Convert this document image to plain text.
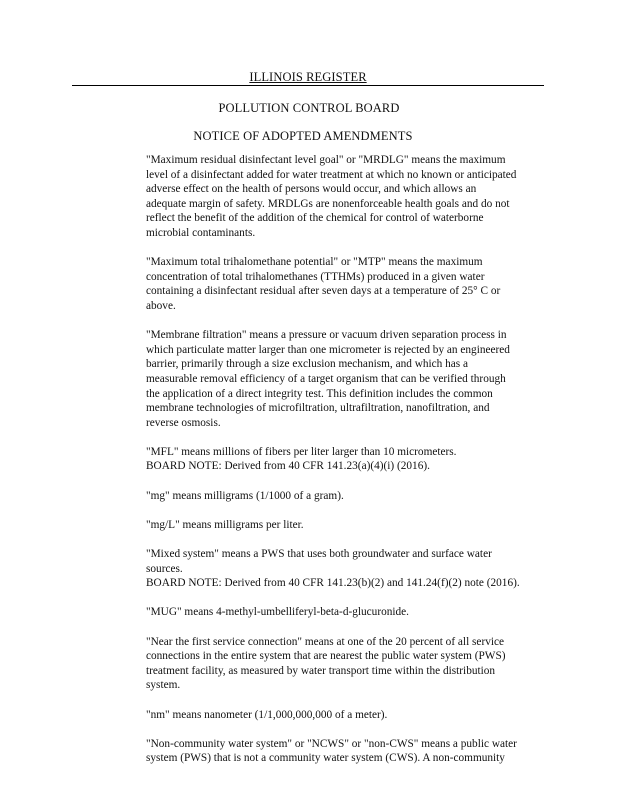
ILLINOIS REGISTER
POLLUTION CONTROL BOARD
NOTICE OF ADOPTED AMENDMENTS

"Maximum residual disinfectant level goal" or "MRDLG" means the maximum
level of a disinfectant added for water treatment at which no known or anticipated
adverse effect on the health of persons would occur, and which allows an
adequate margin of safety. MRDLGs are nonenforceable health goals and do not
reflect the benefit of the addition of the chemical for control of waterborne
microbial contaminants.

"Maximum total trihalomethane potential" or "MTP" means the maximum
concentration of total trihalomethanes (TTHMs) produced in a given water
containing a disinfectant residual after seven days at a temperature of 25° C or
above.

"Membrane filtration" means a pressure or vacuum driven separation process in
which particulate matter larger than one micrometer is rejected by an engineered
barrier, primarily through a size exclusion mechanism, and which has a
measurable removal efficiency of a target organism that can be verified through
the application of a direct integrity test. This definition includes the common
membrane technologies of microfiltration, ultrafiltration, nanofiltration, and
reverse osmosis.

"MFL" means millions of fibers per liter larger than 10 micrometers.

BOARD NOTE: Derived from 40 CFR 141.23(a)(4)(i) (2016).

"mg" means milligrams (1/1000 of a gram).

"mg/L" means milligrams per liter.

"Mixed system" means a PWS that uses both groundwater and surface water
sources.

BOARD NOTE: Derived from 40 CFR 141.23(b)(2) and 141.24(f)(2) note (2016).

"MUG" means 4-methyl-umbelliferyl-beta-d-glucuronide.

"Near the first service connection" means at one of the 20 percent of all service
connections in the entire system that are nearest the public water system (PWS)
treatment facility, as measured by water transport time within the distribution
system.

"nm" means nanometer (1/1,000,000,000 of a meter).

"Non-community water system" or "NCWS" or "non-CWS" means a public water
system (PWS) that is not a community water system (CWS). A non-community
